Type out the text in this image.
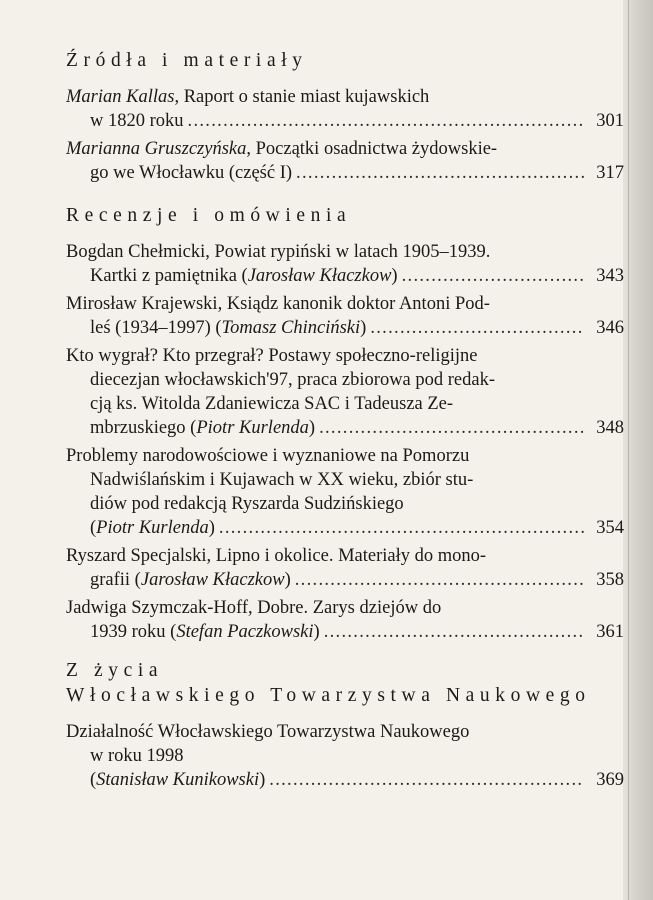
Źródła i materiały
Marian Kallas, Raport o stanie miast kujawskich
w 1820 roku .....	301
Marianna Gruszczyńska, Początki osadnictwa żydowskie-
go we Włocławku (część I) .....	317
Recenzje i omówienia
Bogdan Chełmicki, Powiat rypiński w latach 1905–1939.
Kartki z pamiętnika (Jarosław Kłaczkow) .....	343
Mirosław Krajewski, Ksiądz kanonik doktor Antoni Pod-
leś (1934–1997) (Tomasz Chinciński) .....	346
Kto wygrał? Kto przegrał? Postawy społeczno-religijne
diecezjan włocławskich'97, praca zbiorowa pod redak-
cją ks. Witolda Zdaniewicza SAC i Tadeusza Ze-
mbrzuskiego (Piotr Kurlenda) .....	348
Problemy narodowościowe i wyznaniowe na Pomorzu
Nadwiślańskim i Kujawach w XX wieku, zbiór stu-
diów pod redakcją Ryszarda Sudzińskiego
(Piotr Kurlenda) .....	354
Ryszard Specjalski, Lipno i okolice. Materiały do mono-
grafii (Jarosław Kłaczkow) .....	358
Jadwiga Szymczak-Hoff, Dobre. Zarys dziejów do
1939 roku (Stefan Paczkowski) .....	361
Z życia
Włocławskiego Towarzystwa Naukowego
Działalność Włocławskiego Towarzystwa Naukowego
w roku 1998
(Stanisław Kunikowski) .....	369
